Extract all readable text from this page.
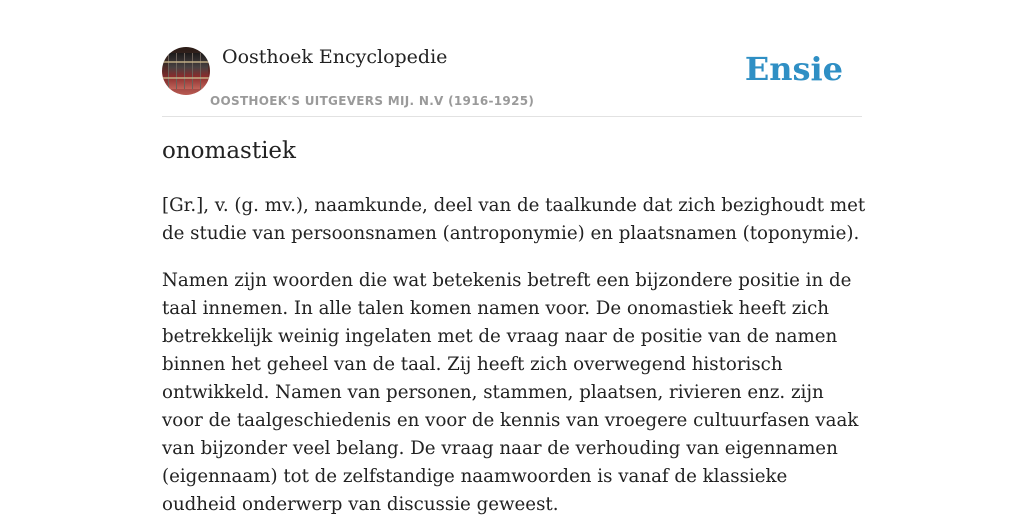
Oosthoek Encyclopedie
OOSTHOEK'S UITGEVERS MIJ. N.V (1916-1925)
Ensie
onomastiek

[Gr.], v. (g. mv.), naamkunde, deel van de taalkunde dat zich bezighoudt met de studie van persoonsnamen (antroponymie) en plaatsnamen (toponymie).

Namen zijn woorden die wat betekenis betreft een bijzondere positie in de taal innemen. In alle talen komen namen voor. De onomastiek heeft zich betrekkelijk weinig ingelaten met de vraag naar de positie van de namen binnen het geheel van de taal. Zij heeft zich overwegend historisch ontwikkeld. Namen van personen, stammen, plaatsen, rivieren enz. zijn voor de taalgeschiedenis en voor de kennis van vroegere cultuurfasen vaak van bijzonder veel belang. De vraag naar de verhouding van eigennamen (eigennaam) tot de zelfstandige naamwoorden is vanaf de klassieke oudheid onderwerp van discussie geweest.
